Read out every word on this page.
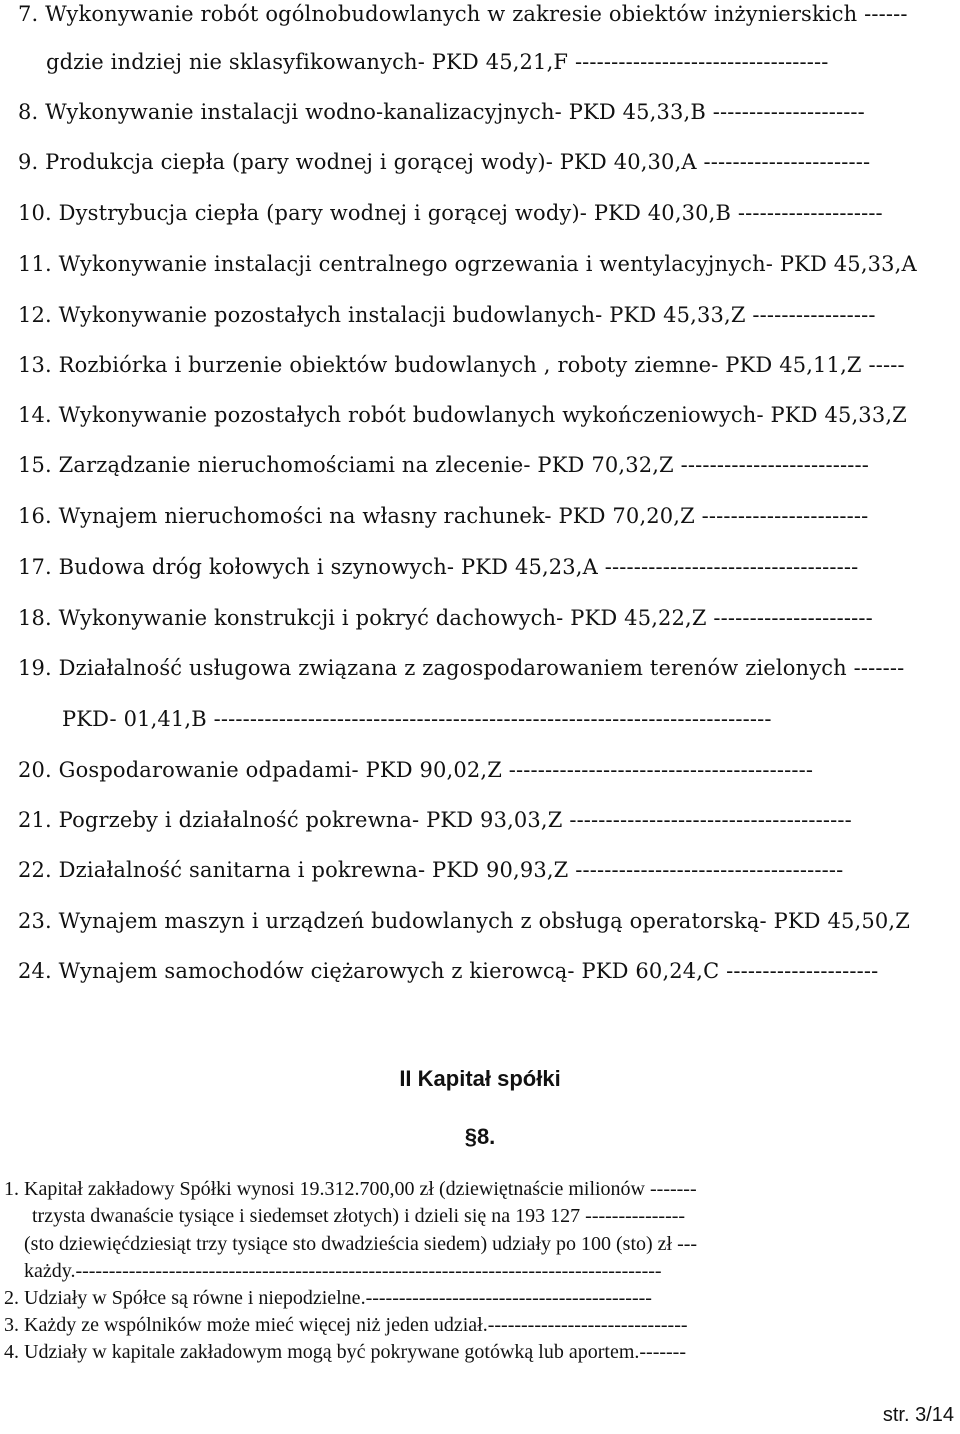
7. Wykonywanie robót ogólnobudowlanych w zakresie obiektów inżynierskich ------
gdzie indziej nie sklasyfikowanych- PKD 45,21,F -----------------------------------
8. Wykonywanie instalacji wodno-kanalizacyjnych- PKD 45,33,B ---------------------
9. Produkcja ciepła (pary wodnej i gorącej wody)- PKD 40,30,A -----------------------
10. Dystrybucja ciepła (pary wodnej i gorącej wody)- PKD 40,30,B --------------------
11. Wykonywanie instalacji centralnego ogrzewania i wentylacyjnych- PKD 45,33,A
12. Wykonywanie pozostałych instalacji budowlanych- PKD 45,33,Z -----------------
13. Rozbiórka i burzenie obiektów budowlanych , roboty ziemne- PKD 45,11,Z -----
14. Wykonywanie pozostałych robót budowlanych wykończeniowych- PKD 45,33,Z
15. Zarządzanie nieruchomościami na zlecenie- PKD 70,32,Z --------------------------
16. Wynajem nieruchomości na własny rachunek- PKD 70,20,Z -----------------------
17. Budowa dróg kołowych i szynowych- PKD 45,23,A -----------------------------------
18. Wykonywanie konstrukcji i pokryć dachowych- PKD 45,22,Z ----------------------
19. Działalność usługowa związana z zagospodarowaniem terenów zielonych -------
PKD- 01,41,B -----------------------------------------------------------------------------
20. Gospodarowanie odpadami- PKD 90,02,Z ------------------------------------------
21. Pogrzeby i działalność pokrewna- PKD 93,03,Z ---------------------------------------
22. Działalność sanitarna i pokrewna- PKD 90,93,Z -------------------------------------
23. Wynajem maszyn i urządzeń budowlanych z obsługą operatorską- PKD 45,50,Z
24. Wynajem samochodów ciężarowych z kierowcą- PKD 60,24,C ---------------------
II Kapitał spółki
§8.
1. Kapitał zakładowy Spółki wynosi 19.312.700,00 zł (dziewiętnaście milionów -------
trzysta dwanaście tysiące i siedemset złotych) i dzieli się na 193 127 ---------------
(sto dziewięćdziesiąt trzy tysiące sto dwadzieścia siedem) udziały po 100 (sto) zł ---
każdy.----------------------------------------------------------------------------------------
2. Udziały w Spółce są równe i niepodzielne.-------------------------------------------
3. Każdy ze wspólników może mieć więcej niż jeden udział.------------------------------
4. Udziały w kapitale zakładowym mogą być pokrywane gotówką lub aportem.-------
str. 3/14
